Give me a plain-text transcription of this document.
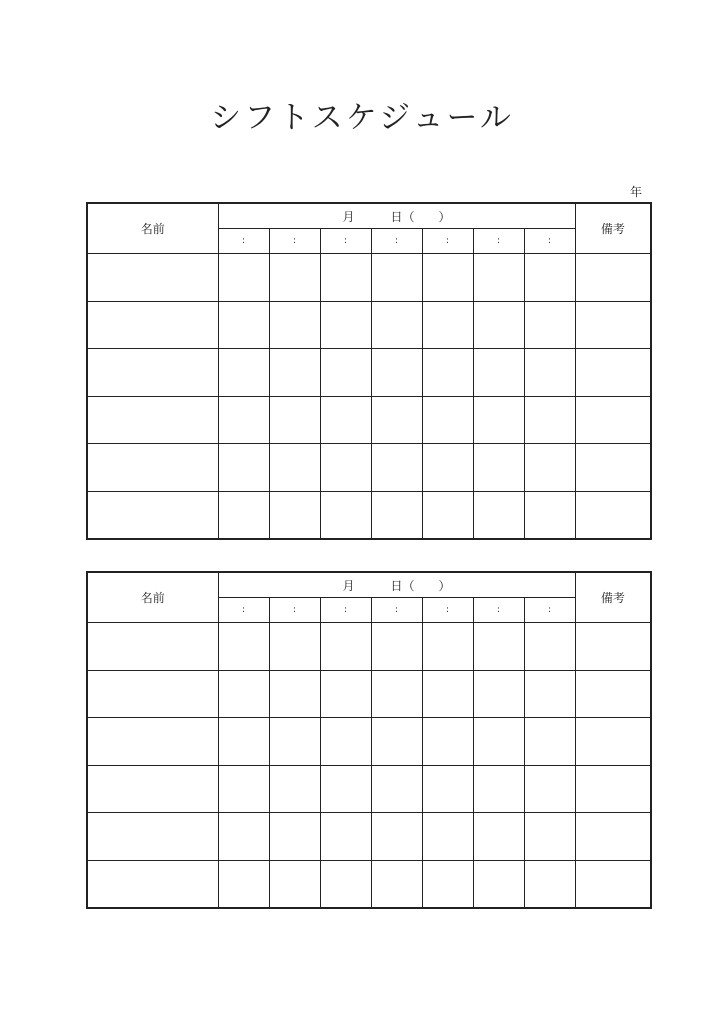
シフトスケジュール
年
名前	月　　　日（　　）							備考
	:	:	:	:	:	:	:	

名前	月　　　日（　　）							備考
	:	:	:	:	:	:	:	
